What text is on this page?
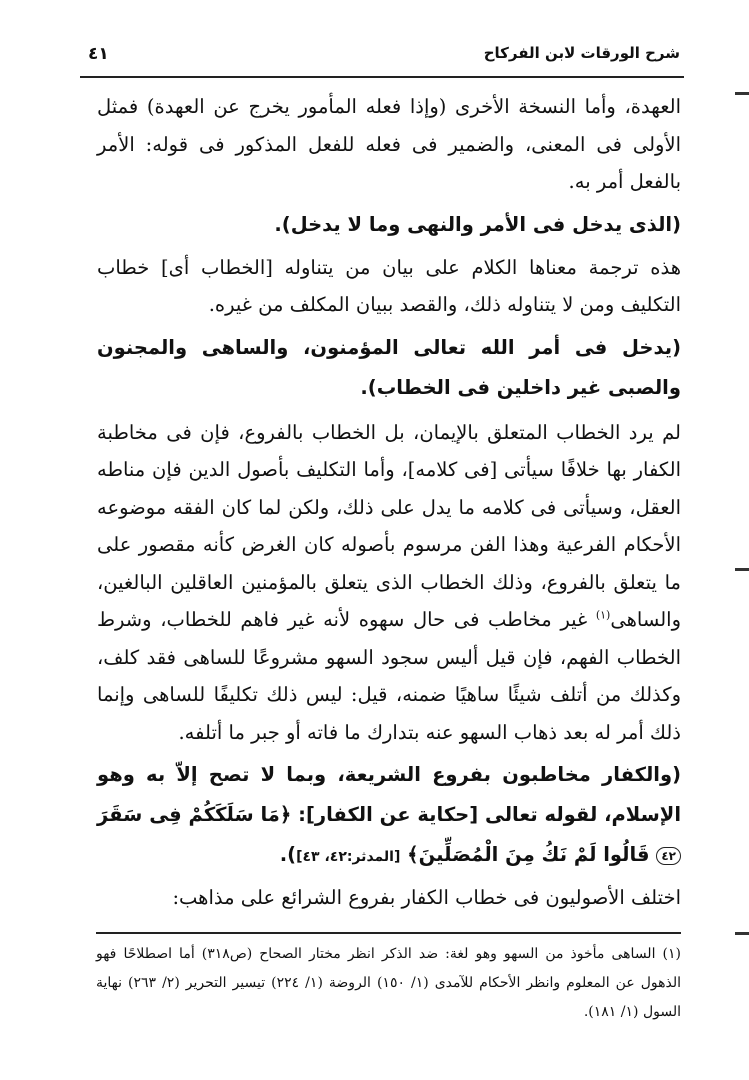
شرح الورقات لابن الفركاح
٤١

العهدة، وأما النسخة الأخرى (وإذا فعله المأمور يخرج عن العهدة) فمثل الأولى فى المعنى، والضمير فى فعله للفعل المذكور فى قوله: الأمر بالفعل أمر به.

(الذى يدخل فى الأمر والنهى وما لا يدخل).

هذه ترجمة معناها الكلام على بيان من يتناوله [الخطاب أى] خطاب التكليف ومن لا يتناوله ذلك، والقصد ببيان المكلف من غيره.

(يدخل فى أمر الله تعالى المؤمنون، والساهى والمجنون والصبى غير داخلين فى الخطاب).

لم يرد الخطاب المتعلق بالإيمان، بل الخطاب بالفروع، فإن فى مخاطبة الكفار بها خلافًا سيأتى [فى كلامه]، وأما التكليف بأصول الدين فإن مناطه العقل، وسيأتى فى كلامه ما يدل على ذلك، ولكن لما كان الفقه موضوعه الأحكام الفرعية وهذا الفن مرسوم بأصوله كان الغرض كأنه مقصور على ما يتعلق بالفروع، وذلك الخطاب الذى يتعلق بالمؤمنين العاقلين البالغين، والساهى$^{(١)}$ غير مخاطب فى حال سهوه لأنه غير فاهم للخطاب، وشرط الخطاب الفهم، فإن قيل أليس سجود السهو مشروعًا للساهى فقد كلف، وكذلك من أتلف شيئًا ساهيًا ضمنه، قيل: ليس ذلك تكليفًا للساهى وإنما ذلك أمر له بعد ذهاب السهو عنه بتدارك ما فاته أو جبر ما أتلفه.

(والكفار مخاطبون بفروع الشريعة، وبما لا تصح إلاّ به وهو الإسلام، لقوله تعالى [حكاية عن الكفار]: ﴿مَا سَلَكَكُمْ فِى سَقَرَ ٤٢ قَالُوا لَمْ نَكُ مِنَ الْمُصَلِّينَ﴾ [المدثر:٤٢، ٤٣]).

اختلف الأصوليون فى خطاب الكفار بفروع الشرائع على مذاهب:

(١) الساهى مأخوذ من السهو وهو لغة: ضد الذكر انظر مختار الصحاح (ص٣١٨) أما اصطلاحًا فهو الذهول عن المعلوم وانظر الأحكام للآمدى (١/ ١٥٠) الروضة (١/ ٢٢٤) تيسير التحرير (٢/ ٢٦٣) نهاية السول (١/ ١٨١).
